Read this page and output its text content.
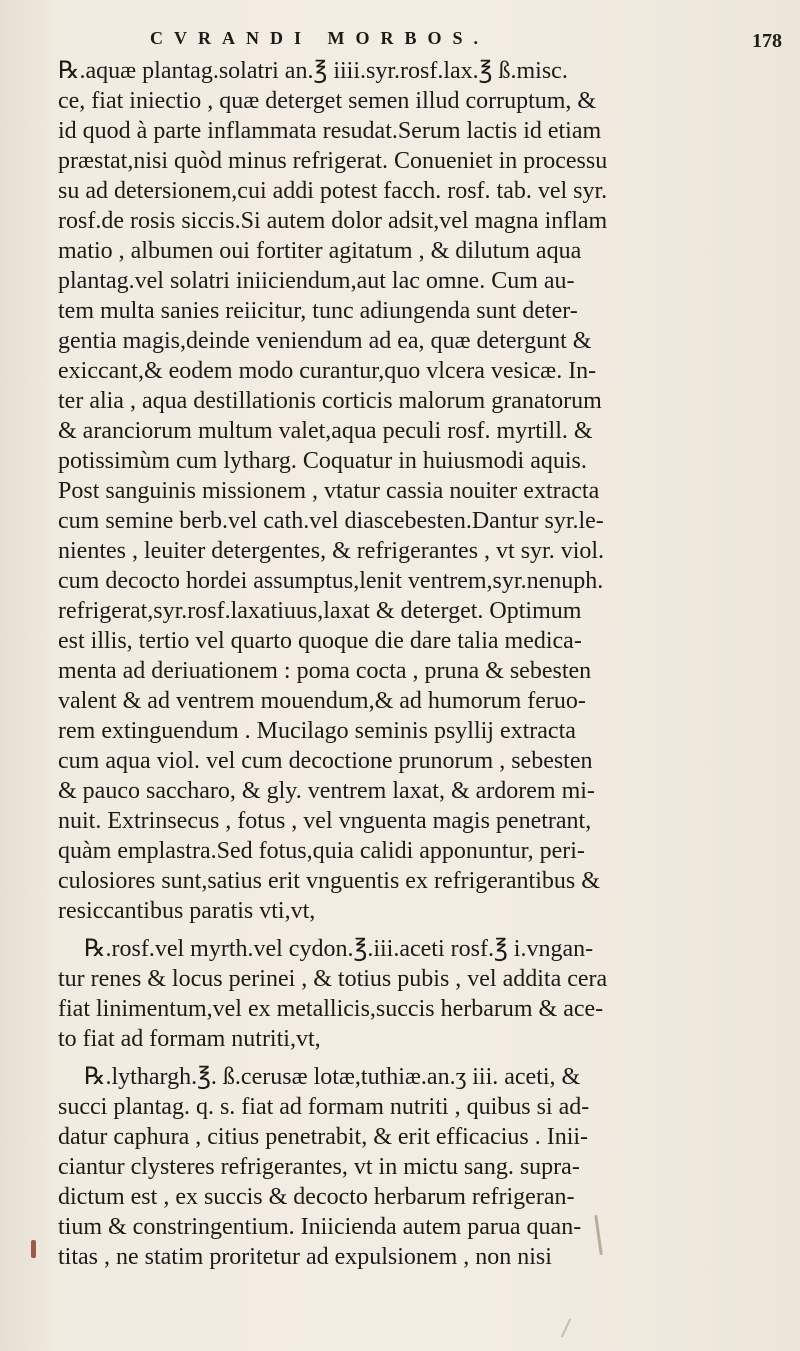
CVRANDI MORBOS.	178
℞.aquæ plantag.solatri an.℥ iiii.syr.rosf.lax.℥ ß.misc.
ce, fiat iniectio , quæ deterget semen illud corruptum, &
id quod à parte inflammata resudat.Serum lactis id etiam
præstat,nisi quòd minus refrigerat. Conueniet in processu
su ad detersionem,cui addi potest facch. rosf. tab. vel syr.
rosf.de rosis siccis.Si autem dolor adsit,vel magna inflam
matio , albumen oui fortiter agitatum , & dilutum aqua
plantag.vel solatri iniiciendum,aut lac omne. Cum au-
tem multa sanies reiicitur, tunc adiungenda sunt deter-
gentia magis,deinde veniendum ad ea, quæ detergunt &
exiccant,& eodem modo curantur,quo vlcera vesicæ. In-
ter alia , aqua destillationis corticis malorum granatorum
& aranciorum multum valet,aqua peculi rosf. myrtill. &
potissimùm cum lytharg. Coquatur in huiusmodi aquis.
Post sanguinis missionem , vtatur cassia nouiter extracta
cum semine berb.vel cath.vel diascebesten.Dantur syr.le-
nientes , leuiter detergentes, & refrigerantes , vt syr. viol.
cum decocto hordei assumptus,lenit ventrem,syr.nenuph.
refrigerat,syr.rosf.laxatiuus,laxat & deterget. Optimum
est illis, tertio vel quarto quoque die dare talia medica-
menta ad deriuationem : poma cocta , pruna & sebesten
valent & ad ventrem mouendum,& ad humorum feruo-
rem extinguendum . Mucilago seminis psyllij extracta
cum aqua viol. vel cum decoctione prunorum , sebesten
& pauco saccharo, & gly. ventrem laxat, & ardorem mi-
nuit. Extrinsecus , fotus , vel vnguenta magis penetrant,
quàm emplastra.Sed fotus,quia calidi apponuntur, peri-
culosiores sunt,satius erit vnguentis ex refrigerantibus &
resiccantibus paratis vti,vt,
℞.rosf.vel myrth.vel cydon.℥.iii.aceti rosf.℥ i.vngan-
tur renes & locus perinei , & totius pubis , vel addita cera
fiat linimentum,vel ex metallicis,succis herbarum & ace-
to fiat ad formam nutriti,vt,
℞.lythargh.℥. ß.cerusæ lotæ,tuthiæ.an.ʒ iii. aceti, &
succi plantag. q. s. fiat ad formam nutriti , quibus si ad-
datur caphura , citius penetrabit, & erit efficacius . Inii-
ciantur clysteres refrigerantes, vt in mictu sang. supra-
dictum est , ex succis & decocto herbarum refrigeran-
tium & constringentium. Iniicienda autem parua quan-
titas , ne statim proritetur ad expulsionem , non nisi
